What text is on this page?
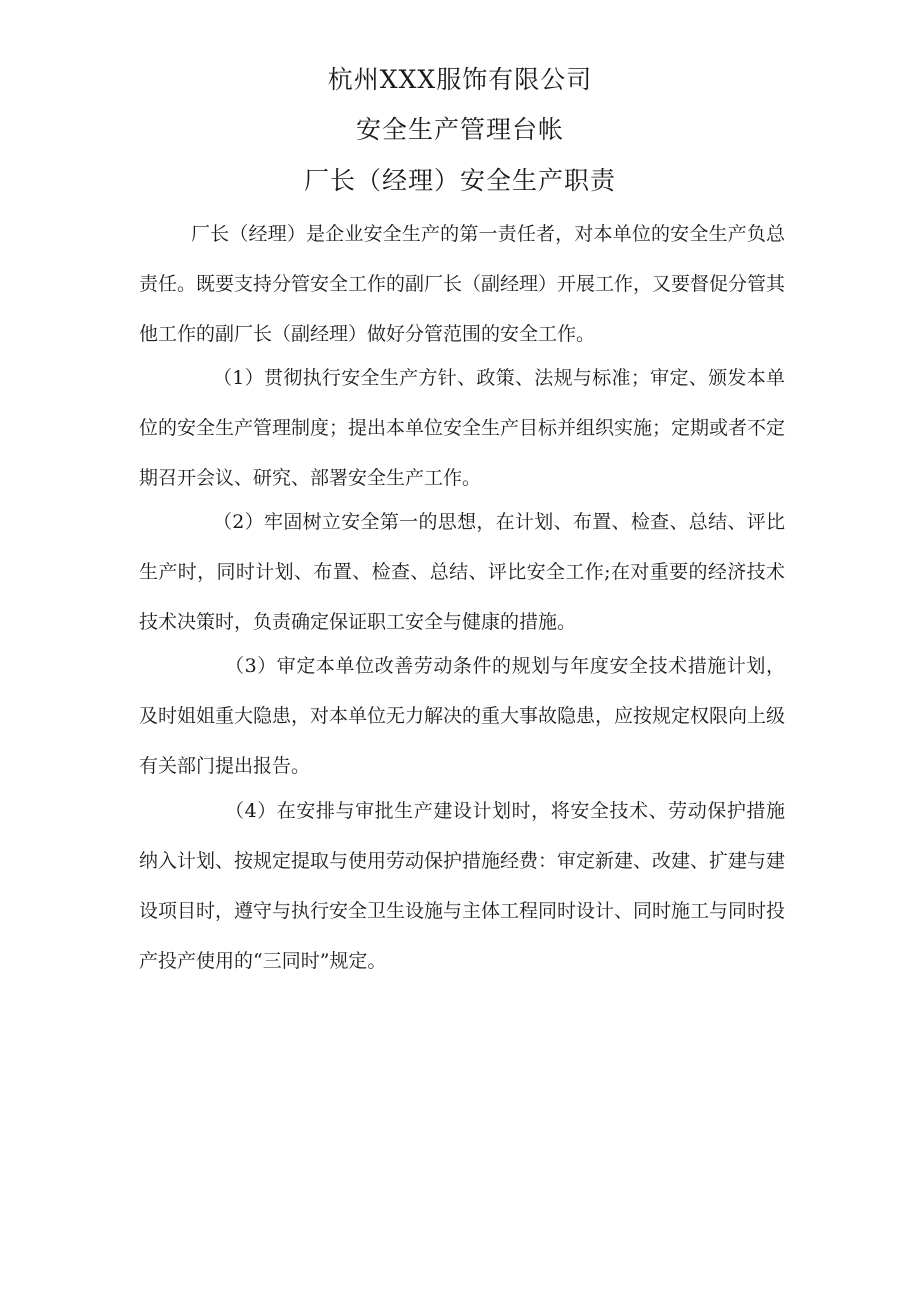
杭州XXX服饰有限公司
安全生产管理台帐
厂长（经理）安全生产职责

厂长（经理）是企业安全生产的第一责任者，对本单位的安全生产负总责任。既要支持分管安全工作的副厂长（副经理）开展工作，又要督促分管其他工作的副厂长（副经理）做好分管范围的安全工作。

（1）贯彻执行安全生产方针、政策、法规与标准；审定、颁发本单位的安全生产管理制度；提出本单位安全生产目标并组织实施；定期或者不定期召开会议、研究、部署安全生产工作。

（2）牢固树立安全第一的思想，在计划、布置、检查、总结、评比生产时，同时计划、布置、检查、总结、评比安全工作;在对重要的经济技术技术决策时，负责确定保证职工安全与健康的措施。

（3）审定本单位改善劳动条件的规划与年度安全技术措施计划，及时姐姐重大隐患，对本单位无力解决的重大事故隐患，应按规定权限向上级有关部门提出报告。

（4）在安排与审批生产建设计划时，将安全技术、劳动保护措施纳入计划、按规定提取与使用劳动保护措施经费：审定新建、改建、扩建与建设项目时，遵守与执行安全卫生设施与主体工程同时设计、同时施工与同时投产投产使用的“三同时”规定。
